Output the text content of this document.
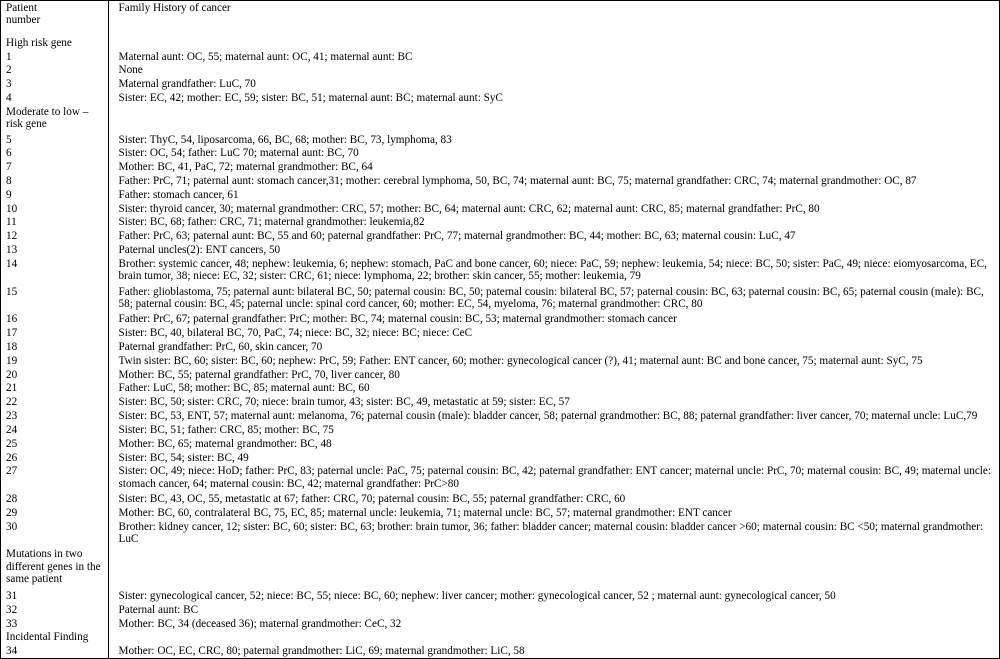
Patient
number	Family History of cancer
High risk gene	
1	Maternal aunt: OC, 55; maternal aunt: OC, 41; maternal aunt: BC
2	None
3	Maternal grandfather: LuC, 70
4	Sister: EC, 42; mother: EC, 59; sister: BC, 51; maternal aunt: BC; maternal aunt: SyC
Moderate to low – risk gene	
5	Sister: ThyC, 54, liposarcoma, 66, BC, 68; mother: BC, 73, lymphoma, 83
6	Sister: OC, 54; father: LuC 70; maternal aunt: BC, 70
7	Mother: BC, 41, PaC, 72; maternal grandmother: BC, 64
8	Father: PrC, 71; paternal aunt: stomach cancer,31; mother: cerebral lymphoma, 50, BC, 74; maternal aunt: BC, 75; maternal grandfather: CRC, 74; maternal grandmother: OC, 87
9	Father: stomach cancer, 61
10	Sister: thyroid cancer, 30; maternal grandmother: CRC, 57; mother: BC, 64; maternal aunt: CRC, 62; maternal aunt: CRC, 85; maternal grandfather: PrC, 80
11	Sister: BC, 68; father: CRC, 71; maternal grandmother: leukemia,82
12	Father: PrC, 63; paternal aunt: BC, 55 and 60; paternal grandfather: PrC, 77; maternal grandmother: BC, 44; mother: BC, 63; maternal cousin: LuC, 47
13	Paternal uncles(2): ENT cancers, 50
14	Brother: systemic cancer, 48; nephew: leukemia, 6; nephew: stomach, PaC and bone cancer, 60; niece: PaC, 59; nephew: leukemia, 54; niece: BC, 50; sister: PaC, 49; niece: eiomyosarcoma, EC, brain tumor, 38; niece: EC, 32; sister: CRC, 61; niece: lymphoma, 22; brother: skin cancer, 55; mother: leukemia, 79
15	Father: glioblastoma, 75; paternal aunt: bilateral BC, 50; paternal cousin: BC, 50; paternal cousin: bilateral BC, 57; paternal cousin: BC, 63; paternal cousin: BC, 65; paternal cousin (male): BC, 58; paternal cousin: BC, 45; paternal uncle: spinal cord cancer, 60; mother: EC, 54, myeloma, 76; maternal grandmother: CRC, 80
16	Father: PrC, 67; paternal grandfather: PrC; mother: BC, 74; maternal cousin: BC, 53; maternal grandmother: stomach cancer
17	Sister: BC, 40, bilateral BC, 70, PaC, 74; niece: BC, 32; niece: BC; niece: CeC
18	Paternal grandfather: PrC, 60, skin cancer, 70
19	Twin sister: BC, 60; sister: BC, 60; nephew: PrC, 59; Father: ENT cancer, 60; mother: gynecological cancer (?), 41; maternal aunt: BC and bone cancer, 75; maternal aunt: SyC, 75
20	Mother: BC, 55; paternal grandfather: PrC, 70, liver cancer, 80
21	Father: LuC, 58; mother: BC, 85; maternal aunt: BC, 60
22	Sister: BC, 50; sister: CRC, 70; niece: brain tumor, 43; sister: BC, 49, metastatic at 59; sister: EC, 57
23	Sister: BC, 53, ENT, 57; maternal aunt: melanoma, 76; paternal cousin (male): bladder cancer, 58; paternal grandmother: BC, 88; paternal grandfather: liver cancer, 70; maternal uncle: LuC,79
24	Sister: BC, 51; father: CRC, 85; mother: BC, 75
25	Mother: BC, 65; maternal grandmother: BC, 48
26	Sister: BC, 54; sister: BC, 49
27	Sister: OC, 49; niece: HoD; father: PrC, 83; paternal uncle: PaC, 75; paternal cousin: BC, 42; paternal grandfather: ENT cancer; maternal uncle: PrC, 70; maternal cousin: BC, 49; maternal uncle: stomach cancer, 64; maternal cousin: BC, 42; maternal grandfather: PrC>80
28	Sister: BC, 43, OC, 55, metastatic at 67; father: CRC, 70; paternal cousin: BC, 55; paternal grandfather: CRC, 60
29	Mother: BC, 60, contralateral BC, 75, EC, 85; maternal uncle: leukemia, 71; maternal uncle: BC, 57; maternal grandmother: ENT cancer
30	Brother: kidney cancer, 12; sister: BC, 60; sister: BC, 63; brother: brain tumor, 36; father: bladder cancer; maternal cousin: bladder cancer >60; maternal cousin: BC <50; maternal grandmother: LuC
Mutations in two different genes in the same patient	
31	Sister: gynecological cancer, 52; niece: BC, 55; niece: BC, 60; nephew: liver cancer; mother: gynecological cancer, 52 ; maternal aunt: gynecological cancer, 50
32	Paternal aunt: BC
33	Mother: BC, 34 (deceased 36); maternal grandmother: CeC, 32
Incidental Finding	
34	Mother: OC, EC, CRC, 80; paternal grandmother: LiC, 69; maternal grandmother: LiC, 58
